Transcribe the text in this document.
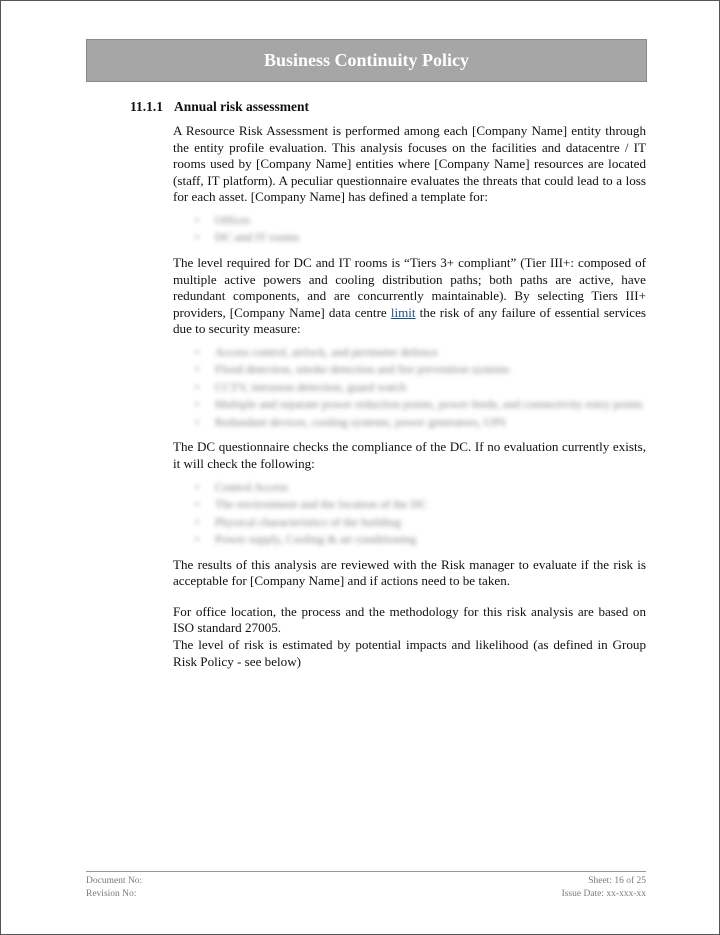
Business Continuity Policy
11.1.1 Annual risk assessment

A Resource Risk Assessment is performed among each [Company Name] entity through the entity profile evaluation. This analysis focuses on the facilities and datacentre / IT rooms used by [Company Name] entities where [Company Name] resources are located (staff, IT platform). A peculiar questionnaire evaluates the threats that could lead to a loss for each asset. [Company Name] has defined a template for:

• Offices
• DC and IT rooms

The level required for DC and IT rooms is “Tiers 3+ compliant” (Tier III+: composed of multiple active powers and cooling distribution paths; both paths are active, have redundant components, and are concurrently maintainable). By selecting Tiers III+ providers, [Company Name] data centre limit the risk of any failure of essential services due to security measure:

• Access control, airlock, and perimeter defence
• Flood detection, smoke detection and fire prevention systems
• CCTV, intrusion detection, guard watch
• Multiple and separate power reduction points, power feeds, and connectivity entry points
• Redundant devices, cooling systems, power generators, UPS

The DC questionnaire checks the compliance of the DC. If no evaluation currently exists, it will check the following:

• Control Access
• The environment and the location of the DC
• Physical characteristics of the building
• Power supply, Cooling & air conditioning

The results of this analysis are reviewed with the Risk manager to evaluate if the risk is acceptable for [Company Name] and if actions need to be taken.

For office location, the process and the methodology for this risk analysis are based on ISO standard 27005.

The level of risk is estimated by potential impacts and likelihood (as defined in Group Risk Policy - see below)

Document No:	Sheet: 16 of 25
Revision No:	Issue Date: xx-xxx-xx
